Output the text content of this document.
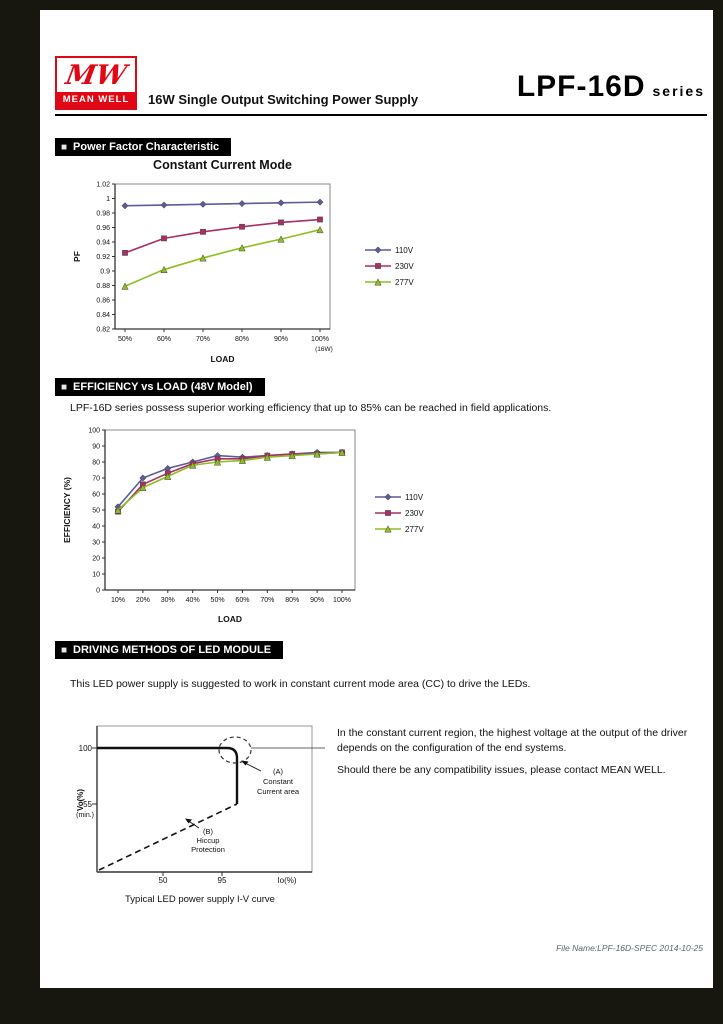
MW
MEAN WELL	16W Single Output Switching Power Supply	LPF-16D series
■ Power Factor Characteristic
Constant Current Mode
0.82
0.84
0.86
0.88
0.9
0.92
0.94
0.96
0.98
1
1.02
50%	60%	70%	80%	90%	100%
(16W)
LOAD
PF
110V
230V
277V
■ EFFICIENCY vs LOAD (48V Model)
LPF-16D series possess superior working efficiency that up to 85% can be reached in field applications.
0
10
20
30
40
50
60
70
80
90
100
10% 20% 30% 40% 50% 60% 70% 80% 90% 100%
LOAD
EFFICIENCY (%)	110V
230V
277V
■ DRIVING METHODS OF LED MODULE
This LED power supply is suggested to work in constant current mode area (CC) to drive the LEDs.
100
55
(min.)
Vo(%)
50	95	Io(%)
(A)
Constant
Current area
(B)
Hiccup
Protection
Typical LED power supply I-V curve

In the constant current region, the highest voltage at the output of the driver depends on the configuration of the end systems.

Should there be any compatibility issues, please contact MEAN WELL.

File Name:LPF-16D-SPEC 2014-10-25
